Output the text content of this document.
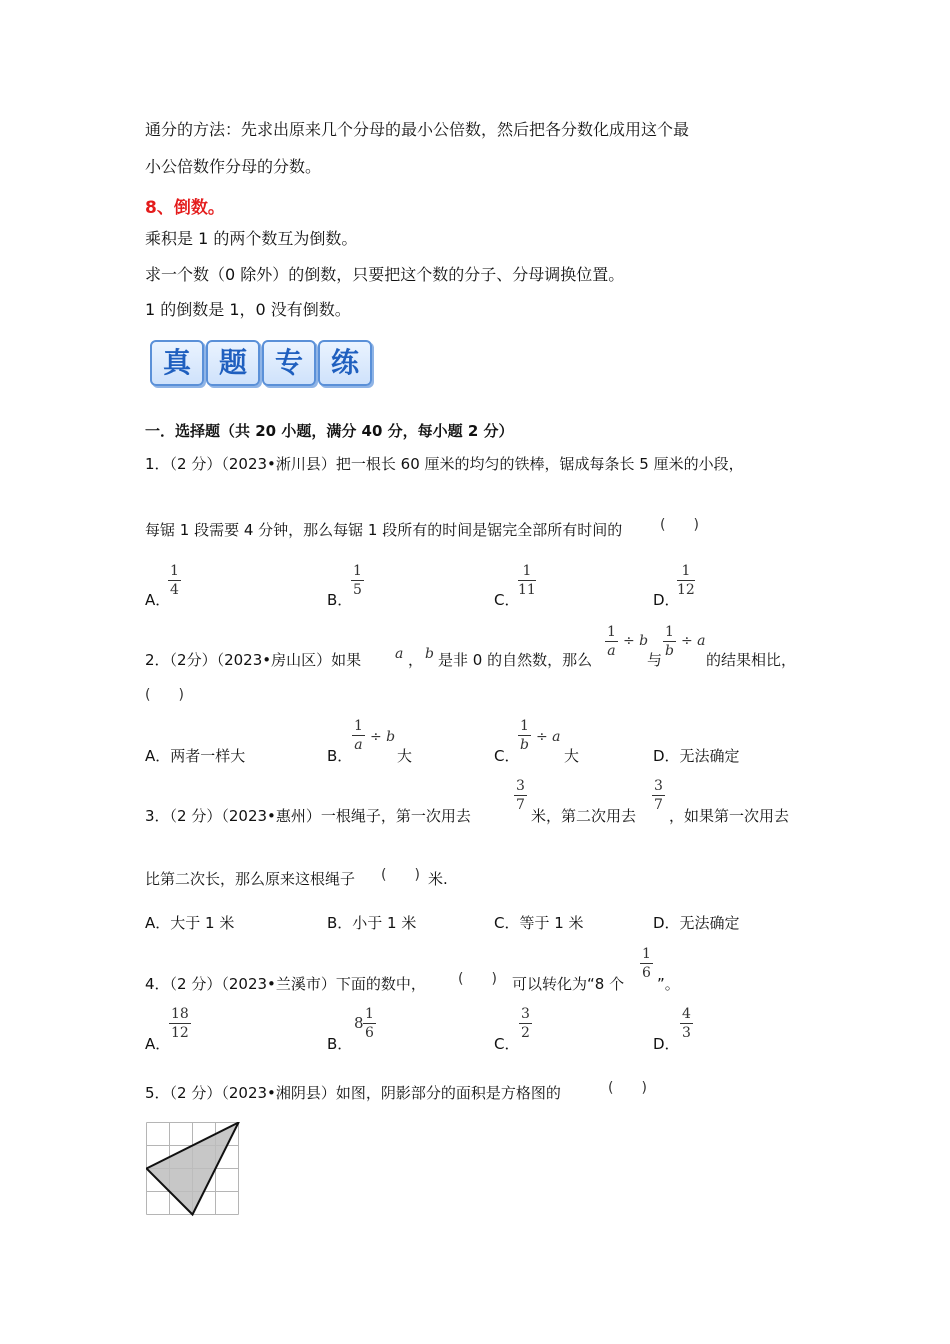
通分的方法：先求出原来几个分母的最小公倍数，然后把各分数化成用这个最
小公倍数作分母的分数。
8、倒数。
乘积是 1 的两个数互为倒数。
求一个数（0 除外）的倒数，只要把这个数的分子、分母调换位置。
1 的倒数是 1，0 没有倒数。
真 题 专 练
一．选择题（共 20 小题，满分 40 分，每小题 2 分）
1．（2 分）（2023•淅川县）把一根长 60 厘米的均匀的铁棒，锯成每条长 5 厘米的小段，
每锯 1 段需要 4 分钟，那么每锯 1 段所有的时间是锯完全部所有时间的	(　　)
A．
$\frac{1}{4}$
B．
$\frac{1}{5}$
C．
$\frac{1}{11}$
D．
$\frac{1}{12}$
2．（2分）（2023•房山区）如果 a ， b 是非 0 的自然数，那么 $\frac{1}{a} \div b$
与 $\frac{1}{b} \div a$
的结果相比，
(　　)
A．两者一样大	B．
$\frac{1}{a} \div b$
大	C．
$\frac{1}{b} \div a$
大	D．无法确定
3．（2 分）（2023•惠州）一根绳子，第一次用去
$\frac{3}{7}$
米，第二次用去
$\frac{3}{7}$
，如果第一次用去
比第二次长，那么原来这根绳子 (　　) 米.
A．大于 1 米	B．小于 1 米	C．等于 1 米	D．无法确定
4．（2 分）（2023•兰溪市）下面的数中， (　　) 可以转化为“8 个
$\frac{1}{6}$
”。
A．
$\frac{18}{12}$
B．
$8 \frac{1}{6}$
C．
$\frac{3}{2}$
D．
$\frac{4}{3}$
5．（2 分）（2023•湘阴县）如图，阴影部分的面积是方格图的	(　　)
